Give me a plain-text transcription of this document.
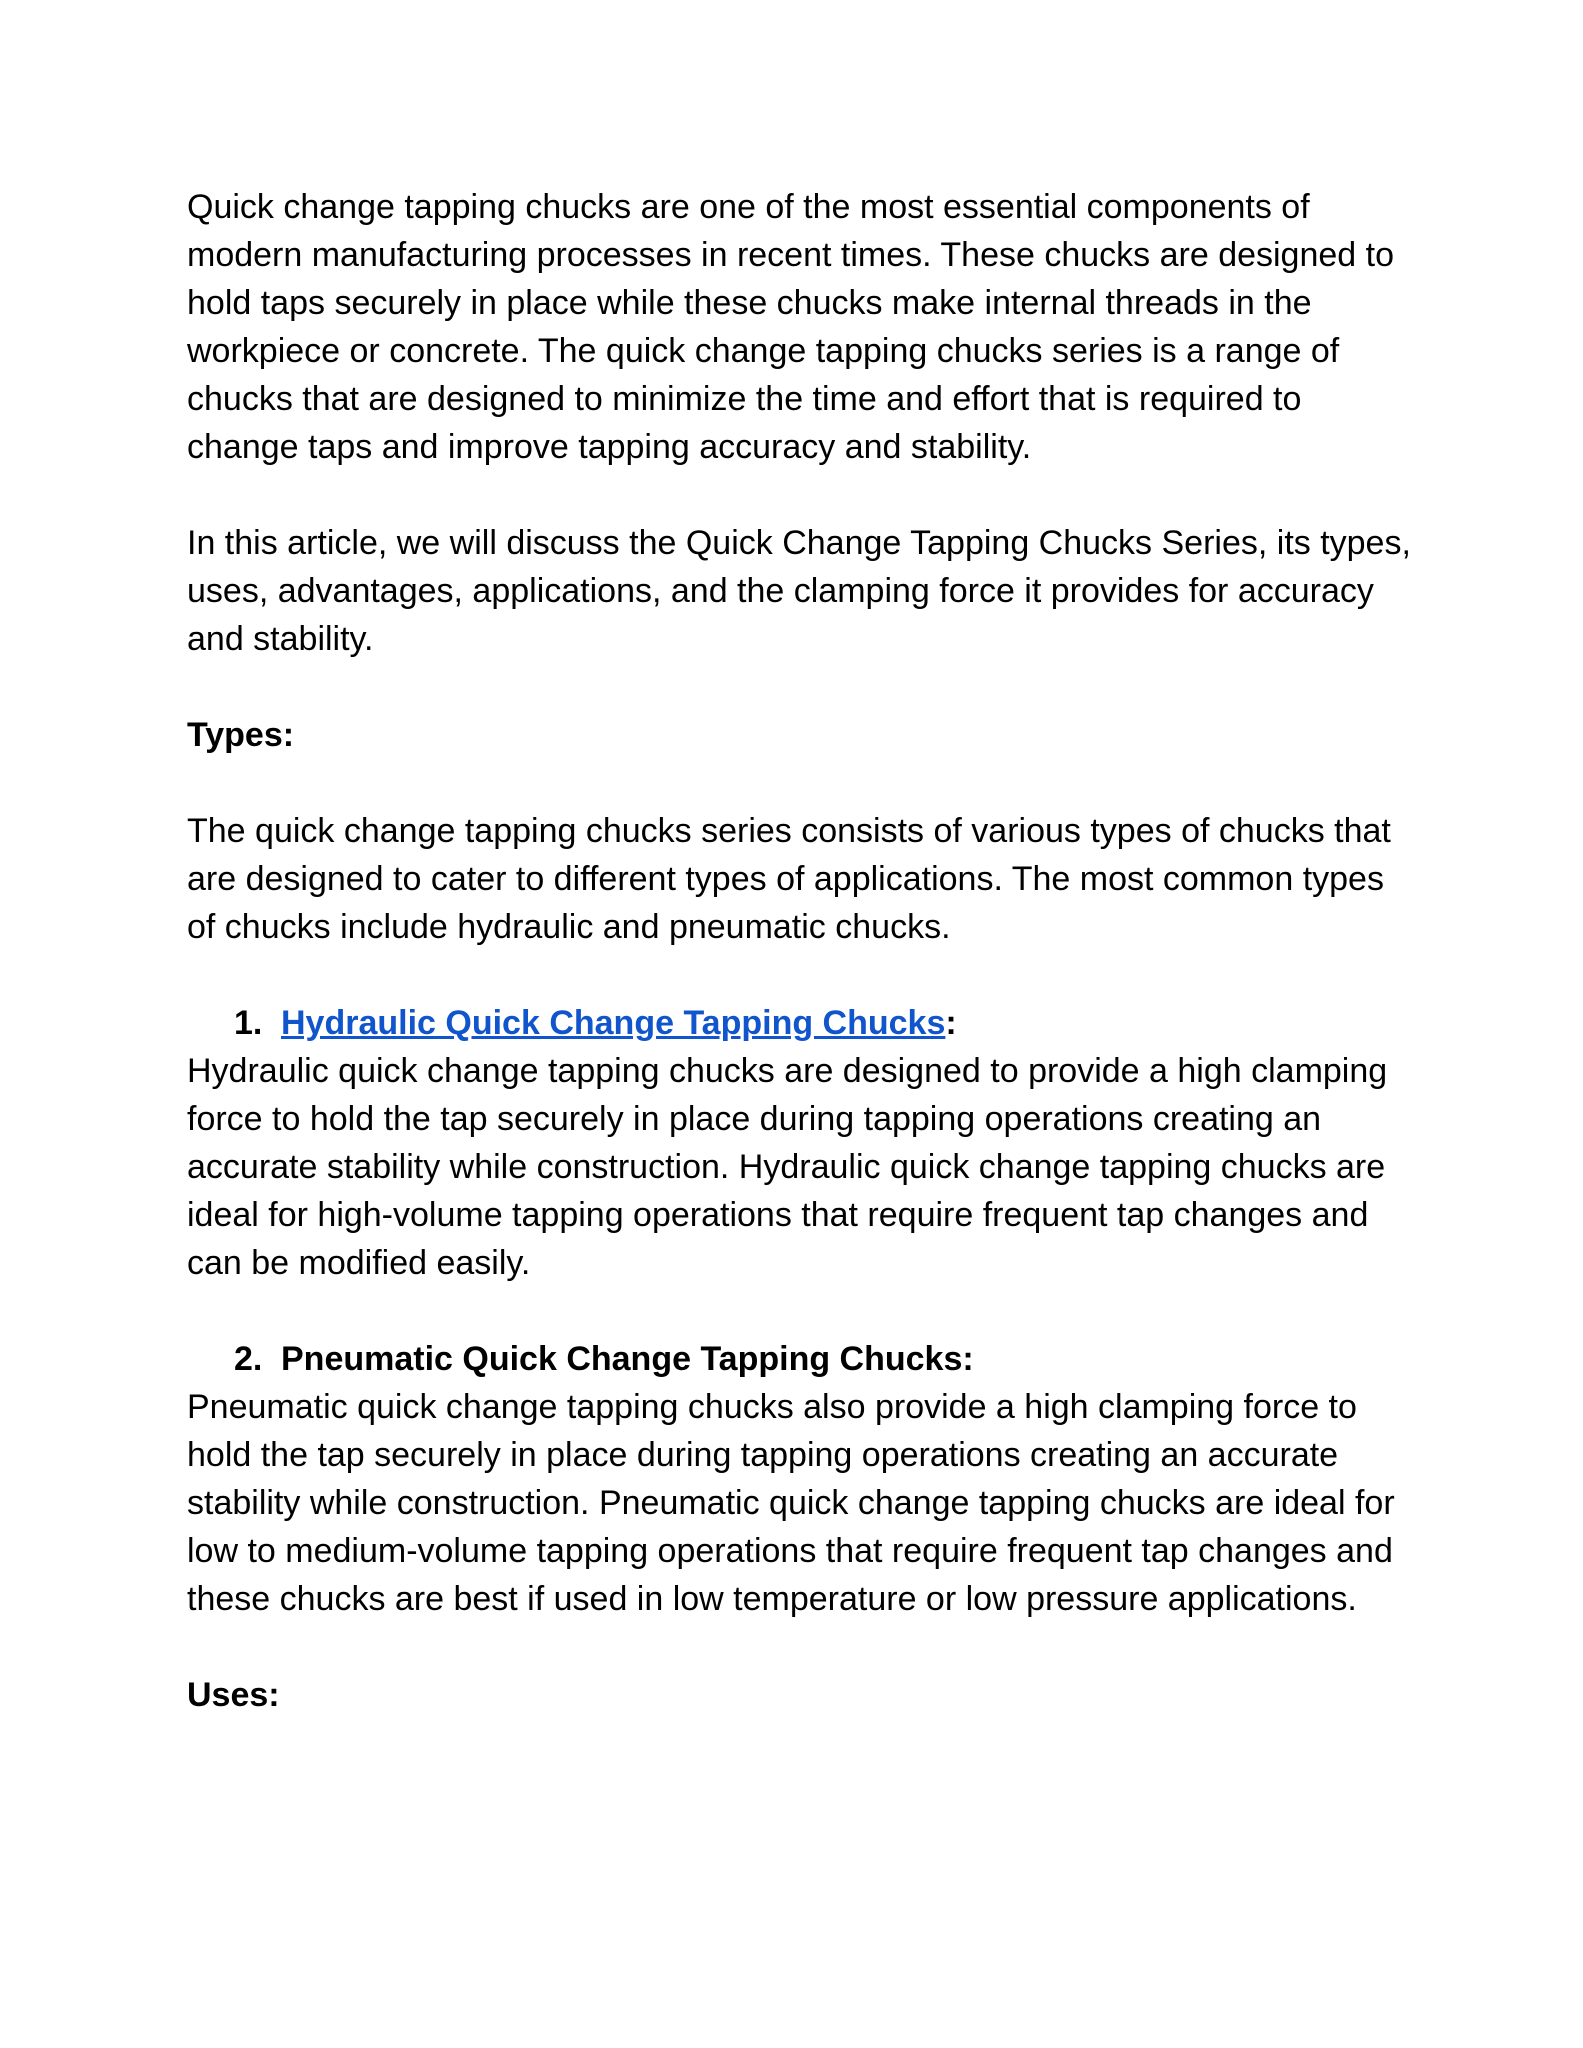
Quick change tapping chucks are one of the most essential components of modern manufacturing processes in recent times. These chucks are designed to hold taps securely in place while these chucks make internal threads in the workpiece or concrete. The quick change tapping chucks series is a range of chucks that are designed to minimize the time and effort that is required to change taps and improve tapping accuracy and stability.

In this article, we will discuss the Quick Change Tapping Chucks Series, its types, uses, advantages, applications, and the clamping force it provides for accuracy and stability.

Types:

The quick change tapping chucks series consists of various types of chucks that are designed to cater to different types of applications. The most common types of chucks include hydraulic and pneumatic chucks.

1. Hydraulic Quick Change Tapping Chucks:

Hydraulic quick change tapping chucks are designed to provide a high clamping force to hold the tap securely in place during tapping operations creating an accurate stability while construction. Hydraulic quick change tapping chucks are ideal for high-volume tapping operations that require frequent tap changes and can be modified easily.

2. Pneumatic Quick Change Tapping Chucks:

Pneumatic quick change tapping chucks also provide a high clamping force to hold the tap securely in place during tapping operations creating an accurate stability while construction. Pneumatic quick change tapping chucks are ideal for low to medium-volume tapping operations that require frequent tap changes and these chucks are best if used in low temperature or low pressure applications.

Uses:
